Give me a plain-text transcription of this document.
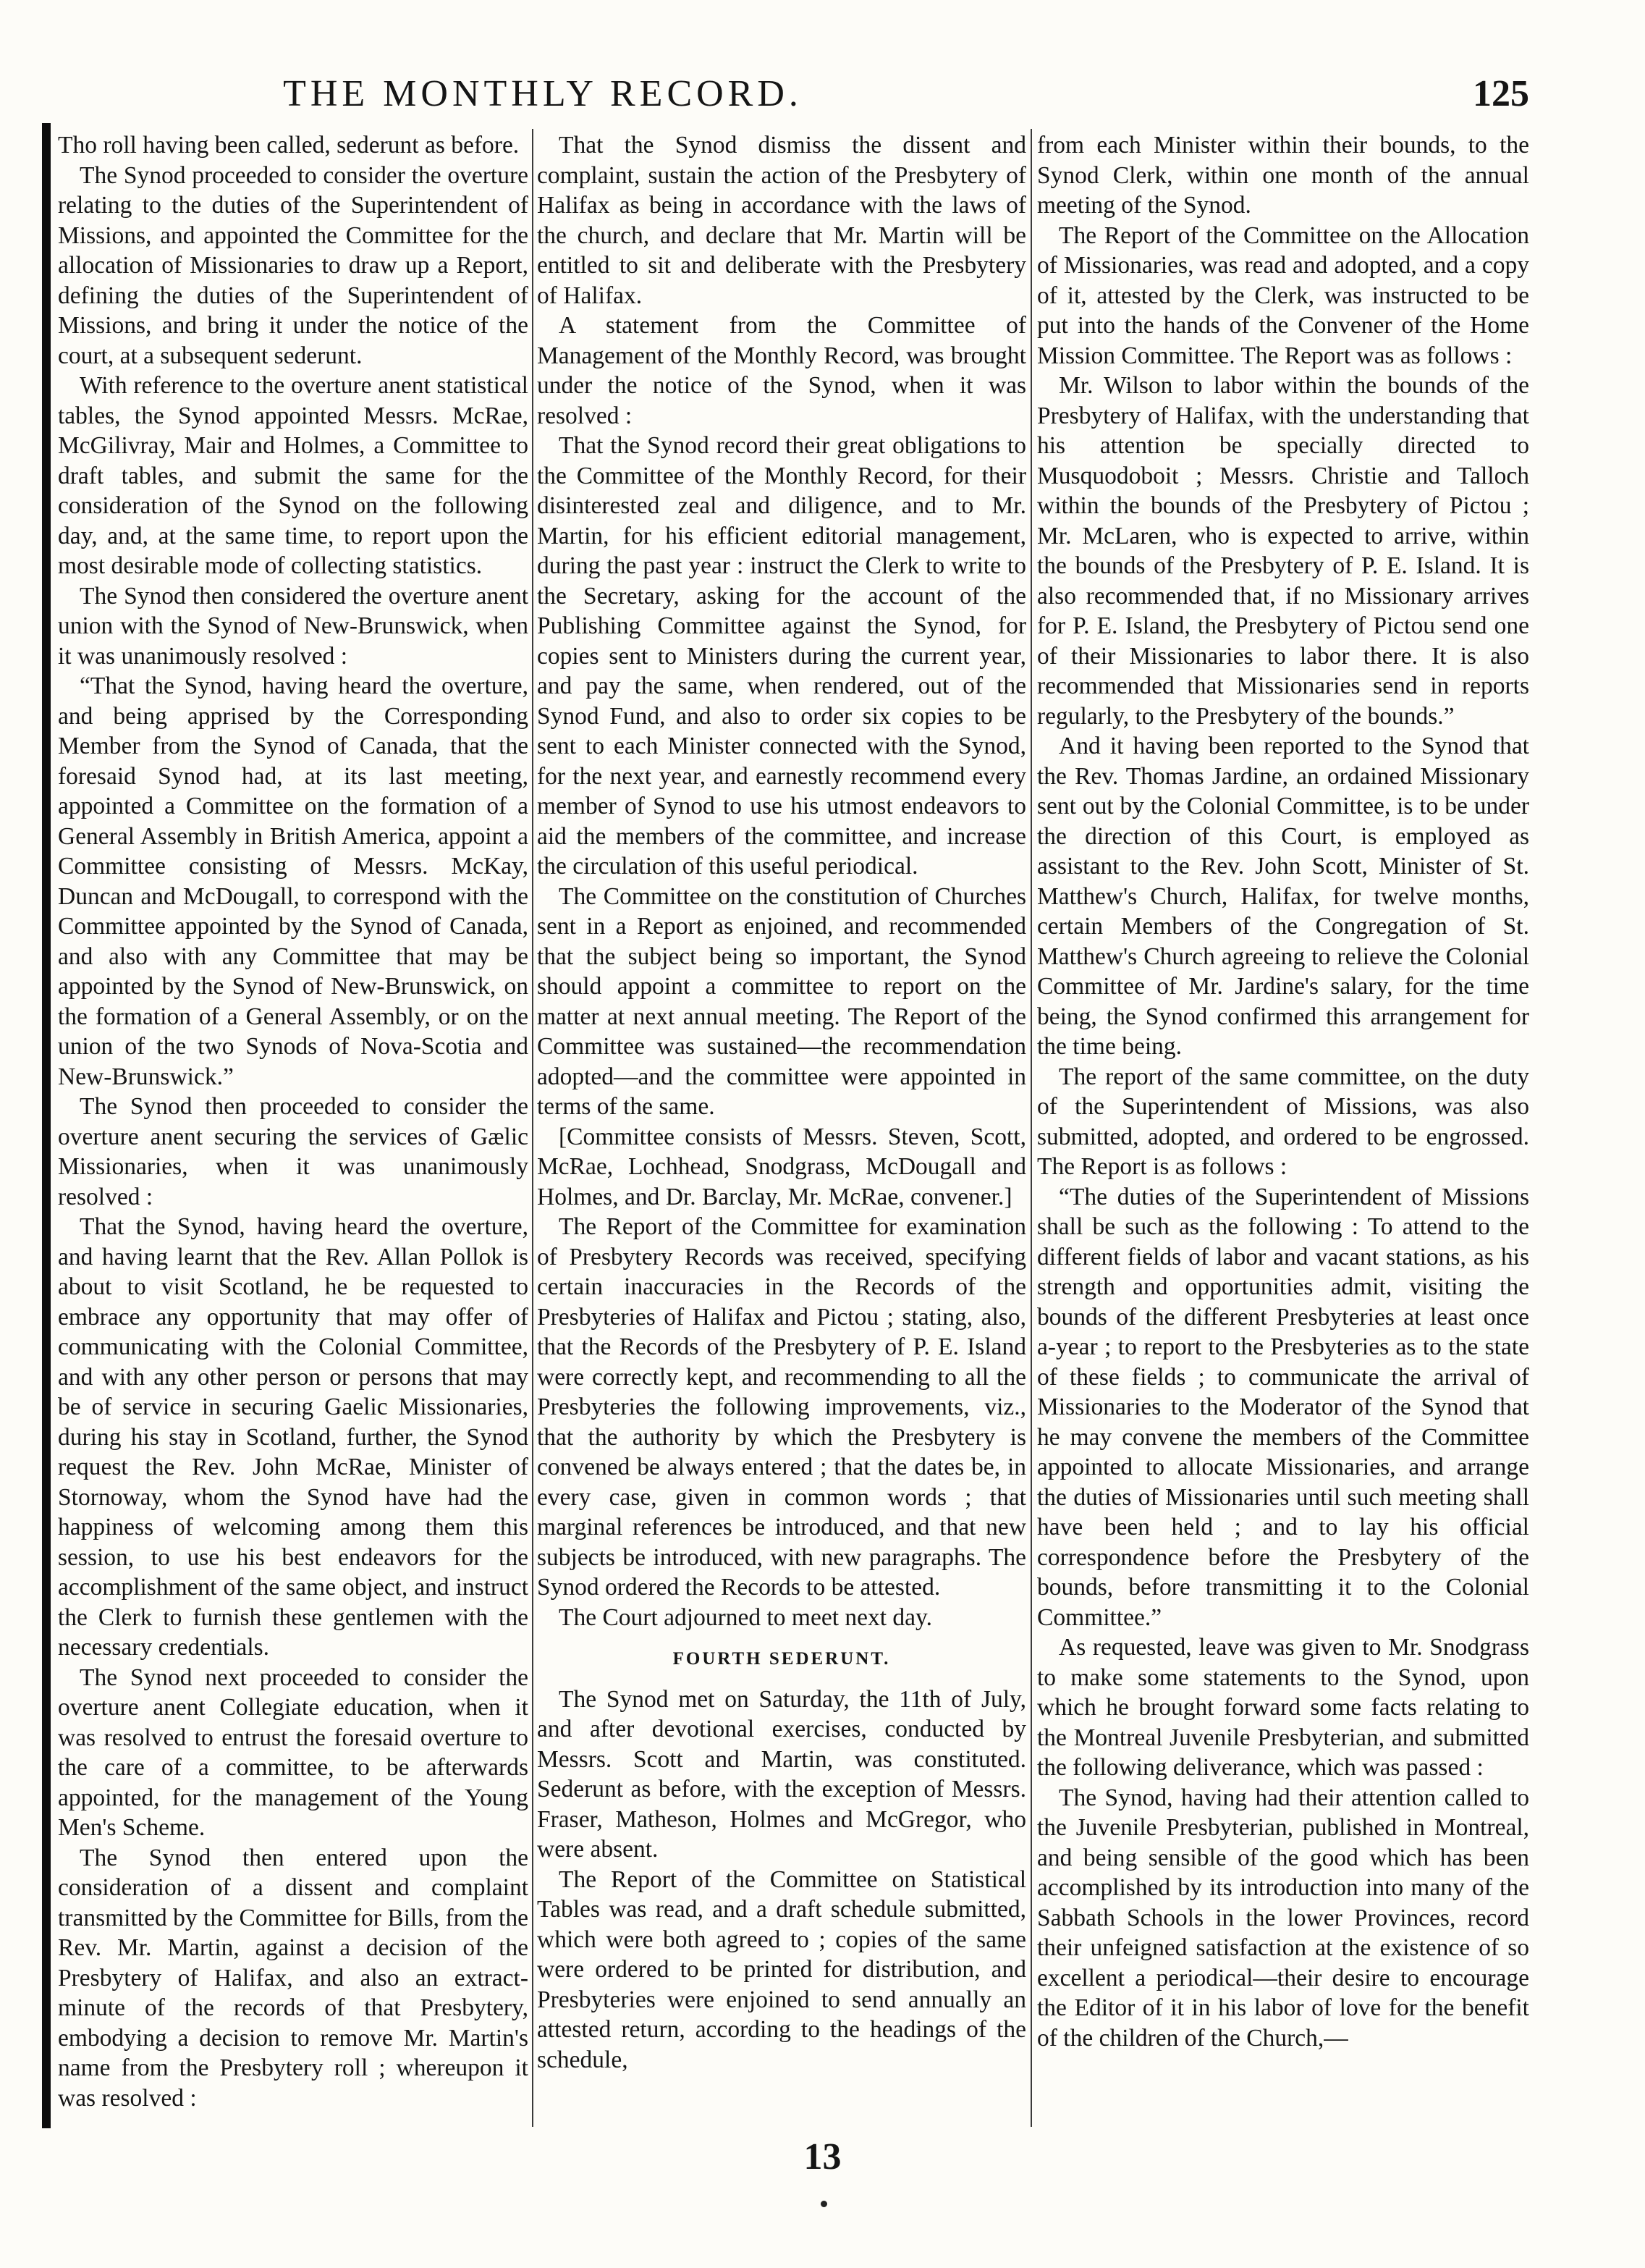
THE MONTHLY RECORD.	125

Tho roll having been called, sederunt as before.

The Synod proceeded to consider the overture relating to the duties of the Superintendent of Missions, and appointed the Committee for the allocation of Missionaries to draw up a Report, defining the duties of the Superintendent of Missions, and bring it under the notice of the court, at a subsequent sederunt.

With reference to the overture anent statistical tables, the Synod appointed Messrs. McRae, McGilivray, Mair and Holmes, a Committee to draft tables, and submit the same for the consideration of the Synod on the following day, and, at the same time, to report upon the most desirable mode of collecting statistics.

The Synod then considered the overture anent union with the Synod of New-Brunswick, when it was unanimously resolved :

“That the Synod, having heard the overture, and being apprised by the Corresponding Member from the Synod of Canada, that the foresaid Synod had, at its last meeting, appointed a Committee on the formation of a General Assembly in British America, appoint a Committee consisting of Messrs. McKay, Duncan and McDougall, to correspond with the Committee appointed by the Synod of Canada, and also with any Committee that may be appointed by the Synod of New-Brunswick, on the formation of a General Assembly, or on the union of the two Synods of Nova-Scotia and New-Brunswick.”

The Synod then proceeded to consider the overture anent securing the services of Gælic Missionaries, when it was unanimously resolved :

That the Synod, having heard the overture, and having learnt that the Rev. Allan Pollok is about to visit Scotland, he be requested to embrace any opportunity that may offer of communicating with the Colonial Committee, and with any other person or persons that may be of service in securing Gaelic Missionaries, during his stay in Scotland, further, the Synod request the Rev. John McRae, Minister of Stornoway, whom the Synod have had the happiness of welcoming among them this session, to use his best endeavors for the accomplishment of the same object, and instruct the Clerk to furnish these gentlemen with the necessary credentials.

The Synod next proceeded to consider the overture anent Collegiate education, when it was resolved to entrust the foresaid overture to the care of a committee, to be afterwards appointed, for the management of the Young Men's Scheme.

The Synod then entered upon the consideration of a dissent and complaint transmitted by the Committee for Bills, from the Rev. Mr. Martin, against a decision of the Presbytery of Halifax, and also an extract-minute of the records of that Presbytery, embodying a decision to remove Mr. Martin's name from the Presbytery roll ; whereupon it was resolved :

That the Synod dismiss the dissent and complaint, sustain the action of the Presbytery of Halifax as being in accordance with the laws of the church, and declare that Mr. Martin will be entitled to sit and deliberate with the Presbytery of Halifax.

A statement from the Committee of Management of the Monthly Record, was brought under the notice of the Synod, when it was resolved :

That the Synod record their great obligations to the Committee of the Monthly Record, for their disinterested zeal and diligence, and to Mr. Martin, for his efficient editorial management, during the past year : instruct the Clerk to write to the Secretary, asking for the account of the Publishing Committee against the Synod, for copies sent to Ministers during the current year, and pay the same, when rendered, out of the Synod Fund, and also to order six copies to be sent to each Minister connected with the Synod, for the next year, and earnestly recommend every member of Synod to use his utmost endeavors to aid the members of the committee, and increase the circulation of this useful periodical.

The Committee on the constitution of Churches sent in a Report as enjoined, and recommended that the subject being so important, the Synod should appoint a committee to report on the matter at next annual meeting. The Report of the Committee was sustained—the recommendation adopted—and the committee were appointed in terms of the same.

[Committee consists of Messrs. Steven, Scott, McRae, Lochhead, Snodgrass, McDougall and Holmes, and Dr. Barclay, Mr. McRae, convener.]

The Report of the Committee for examination of Presbytery Records was received, specifying certain inaccuracies in the Records of the Presbyteries of Halifax and Pictou ; stating, also, that the Records of the Presbytery of P. E. Island were correctly kept, and recommending to all the Presbyteries the following improvements, viz., that the authority by which the Presbytery is convened be always entered ; that the dates be, in every case, given in common words ; that marginal references be introduced, and that new subjects be introduced, with new paragraphs. The Synod ordered the Records to be attested.

The Court adjourned to meet next day.

FOURTH SEDERUNT.

The Synod met on Saturday, the 11th of July, and after devotional exercises, conducted by Messrs. Scott and Martin, was constituted. Sederunt as before, with the exception of Messrs. Fraser, Matheson, Holmes and McGregor, who were absent.

The Report of the Committee on Statistical Tables was read, and a draft schedule submitted, which were both agreed to ; copies of the same were ordered to be printed for distribution, and Presbyteries were enjoined to send annually an attested return, according to the headings of the schedule,

from each Minister within their bounds, to the Synod Clerk, within one month of the annual meeting of the Synod.

The Report of the Committee on the Allocation of Missionaries, was read and adopted, and a copy of it, attested by the Clerk, was instructed to be put into the hands of the Convener of the Home Mission Committee. The Report was as follows :

Mr. Wilson to labor within the bounds of the Presbytery of Halifax, with the understanding that his attention be specially directed to Musquodoboit ; Messrs. Christie and Talloch within the bounds of the Presbytery of Pictou ; Mr. McLaren, who is expected to arrive, within the bounds of the Presbytery of P. E. Island. It is also recommended that, if no Missionary arrives for P. E. Island, the Presbytery of Pictou send one of their Missionaries to labor there. It is also recommended that Missionaries send in reports regularly, to the Presbytery of the bounds.”

And it having been reported to the Synod that the Rev. Thomas Jardine, an ordained Missionary sent out by the Colonial Committee, is to be under the direction of this Court, is employed as assistant to the Rev. John Scott, Minister of St. Matthew's Church, Halifax, for twelve months, certain Members of the Congregation of St. Matthew's Church agreeing to relieve the Colonial Committee of Mr. Jardine's salary, for the time being, the Synod confirmed this arrangement for the time being.

The report of the same committee, on the duty of the Superintendent of Missions, was also submitted, adopted, and ordered to be engrossed. The Report is as follows :

“The duties of the Superintendent of Missions shall be such as the following : To attend to the different fields of labor and vacant stations, as his strength and opportunities admit, visiting the bounds of the different Presbyteries at least once a-year ; to report to the Presbyteries as to the state of these fields ; to communicate the arrival of Missionaries to the Moderator of the Synod that he may convene the members of the Committee appointed to allocate Missionaries, and arrange the duties of Missionaries until such meeting shall have been held ; and to lay his official correspondence before the Presbytery of the bounds, before transmitting it to the Colonial Committee.”

As requested, leave was given to Mr. Snodgrass to make some statements to the Synod, upon which he brought forward some facts relating to the Montreal Juvenile Presbyterian, and submitted the following deliverance, which was passed :

The Synod, having had their attention called to the Juvenile Presbyterian, published in Montreal, and being sensible of the good which has been accomplished by its introduction into many of the Sabbath Schools in the lower Provinces, record their unfeigned satisfaction at the existence of so excellent a periodical—their desire to encourage the Editor of it in his labor of love for the benefit of the children of the Church,—

13
